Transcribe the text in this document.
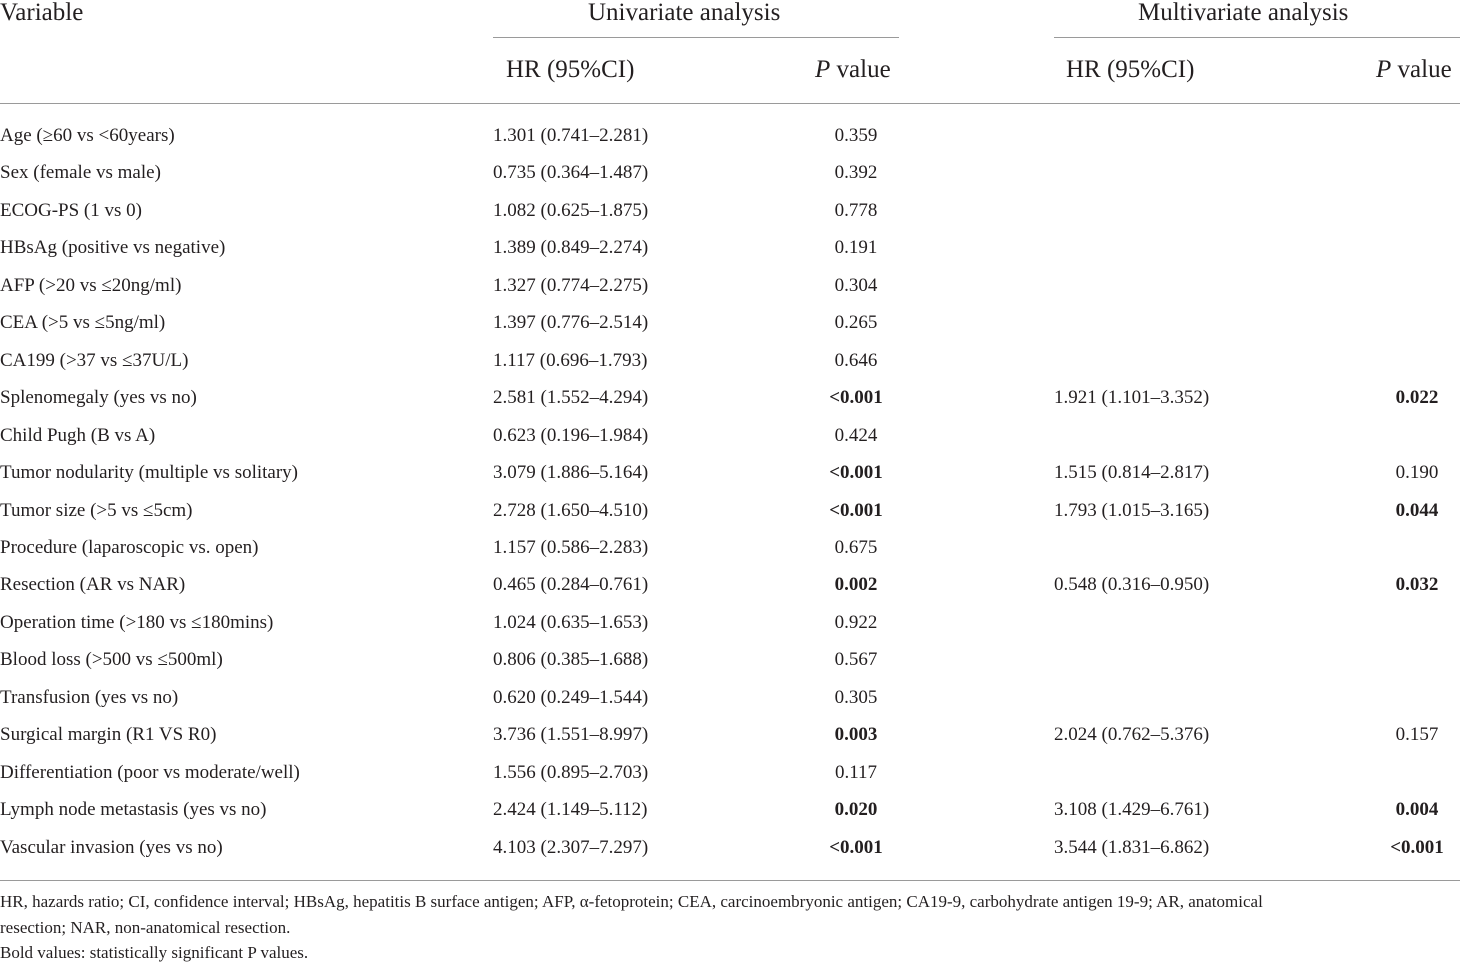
Variable	Univariate analysis	Multivariate analysis
HR (95%CI)	P value	HR (95%CI)	P value
Age (≥60 vs <60years)	1.301 (0.741–2.281)	0.359
Sex (female vs male)	0.735 (0.364–1.487)	0.392
ECOG-PS (1 vs 0)	1.082 (0.625–1.875)	0.778
HBsAg (positive vs negative)	1.389 (0.849–2.274)	0.191
AFP (>20 vs ≤20ng/ml)	1.327 (0.774–2.275)	0.304
CEA (>5 vs ≤5ng/ml)	1.397 (0.776–2.514)	0.265
CA199 (>37 vs ≤37U/L)	1.117 (0.696–1.793)	0.646
Splenomegaly (yes vs no)	2.581 (1.552–4.294)	<0.001	1.921 (1.101–3.352)	0.022
Child Pugh (B vs A)	0.623 (0.196–1.984)	0.424
Tumor nodularity (multiple vs solitary)	3.079 (1.886–5.164)	<0.001	1.515 (0.814–2.817)	0.190
Tumor size (>5 vs ≤5cm)	2.728 (1.650–4.510)	<0.001	1.793 (1.015–3.165)	0.044
Procedure (laparoscopic vs. open)	1.157 (0.586–2.283)	0.675
Resection (AR vs NAR)	0.465 (0.284–0.761)	0.002	0.548 (0.316–0.950)	0.032
Operation time (>180 vs ≤180mins)	1.024 (0.635–1.653)	0.922
Blood loss (>500 vs ≤500ml)	0.806 (0.385–1.688)	0.567
Transfusion (yes vs no)	0.620 (0.249–1.544)	0.305
Surgical margin (R1 VS R0)	3.736 (1.551–8.997)	0.003	2.024 (0.762–5.376)	0.157
Differentiation (poor vs moderate/well)	1.556 (0.895–2.703)	0.117
Lymph node metastasis (yes vs no)	2.424 (1.149–5.112)	0.020	3.108 (1.429–6.761)	0.004
Vascular invasion (yes vs no)	4.103 (2.307–7.297)	<0.001	3.544 (1.831–6.862)	<0.001
HR, hazards ratio; CI, confidence interval; HBsAg, hepatitis B surface antigen; AFP, α-fetoprotein; CEA, carcinoembryonic antigen; CA19-9, carbohydrate antigen 19-9; AR, anatomical
resection; NAR, non-anatomical resection.
Bold values: statistically significant P values.
